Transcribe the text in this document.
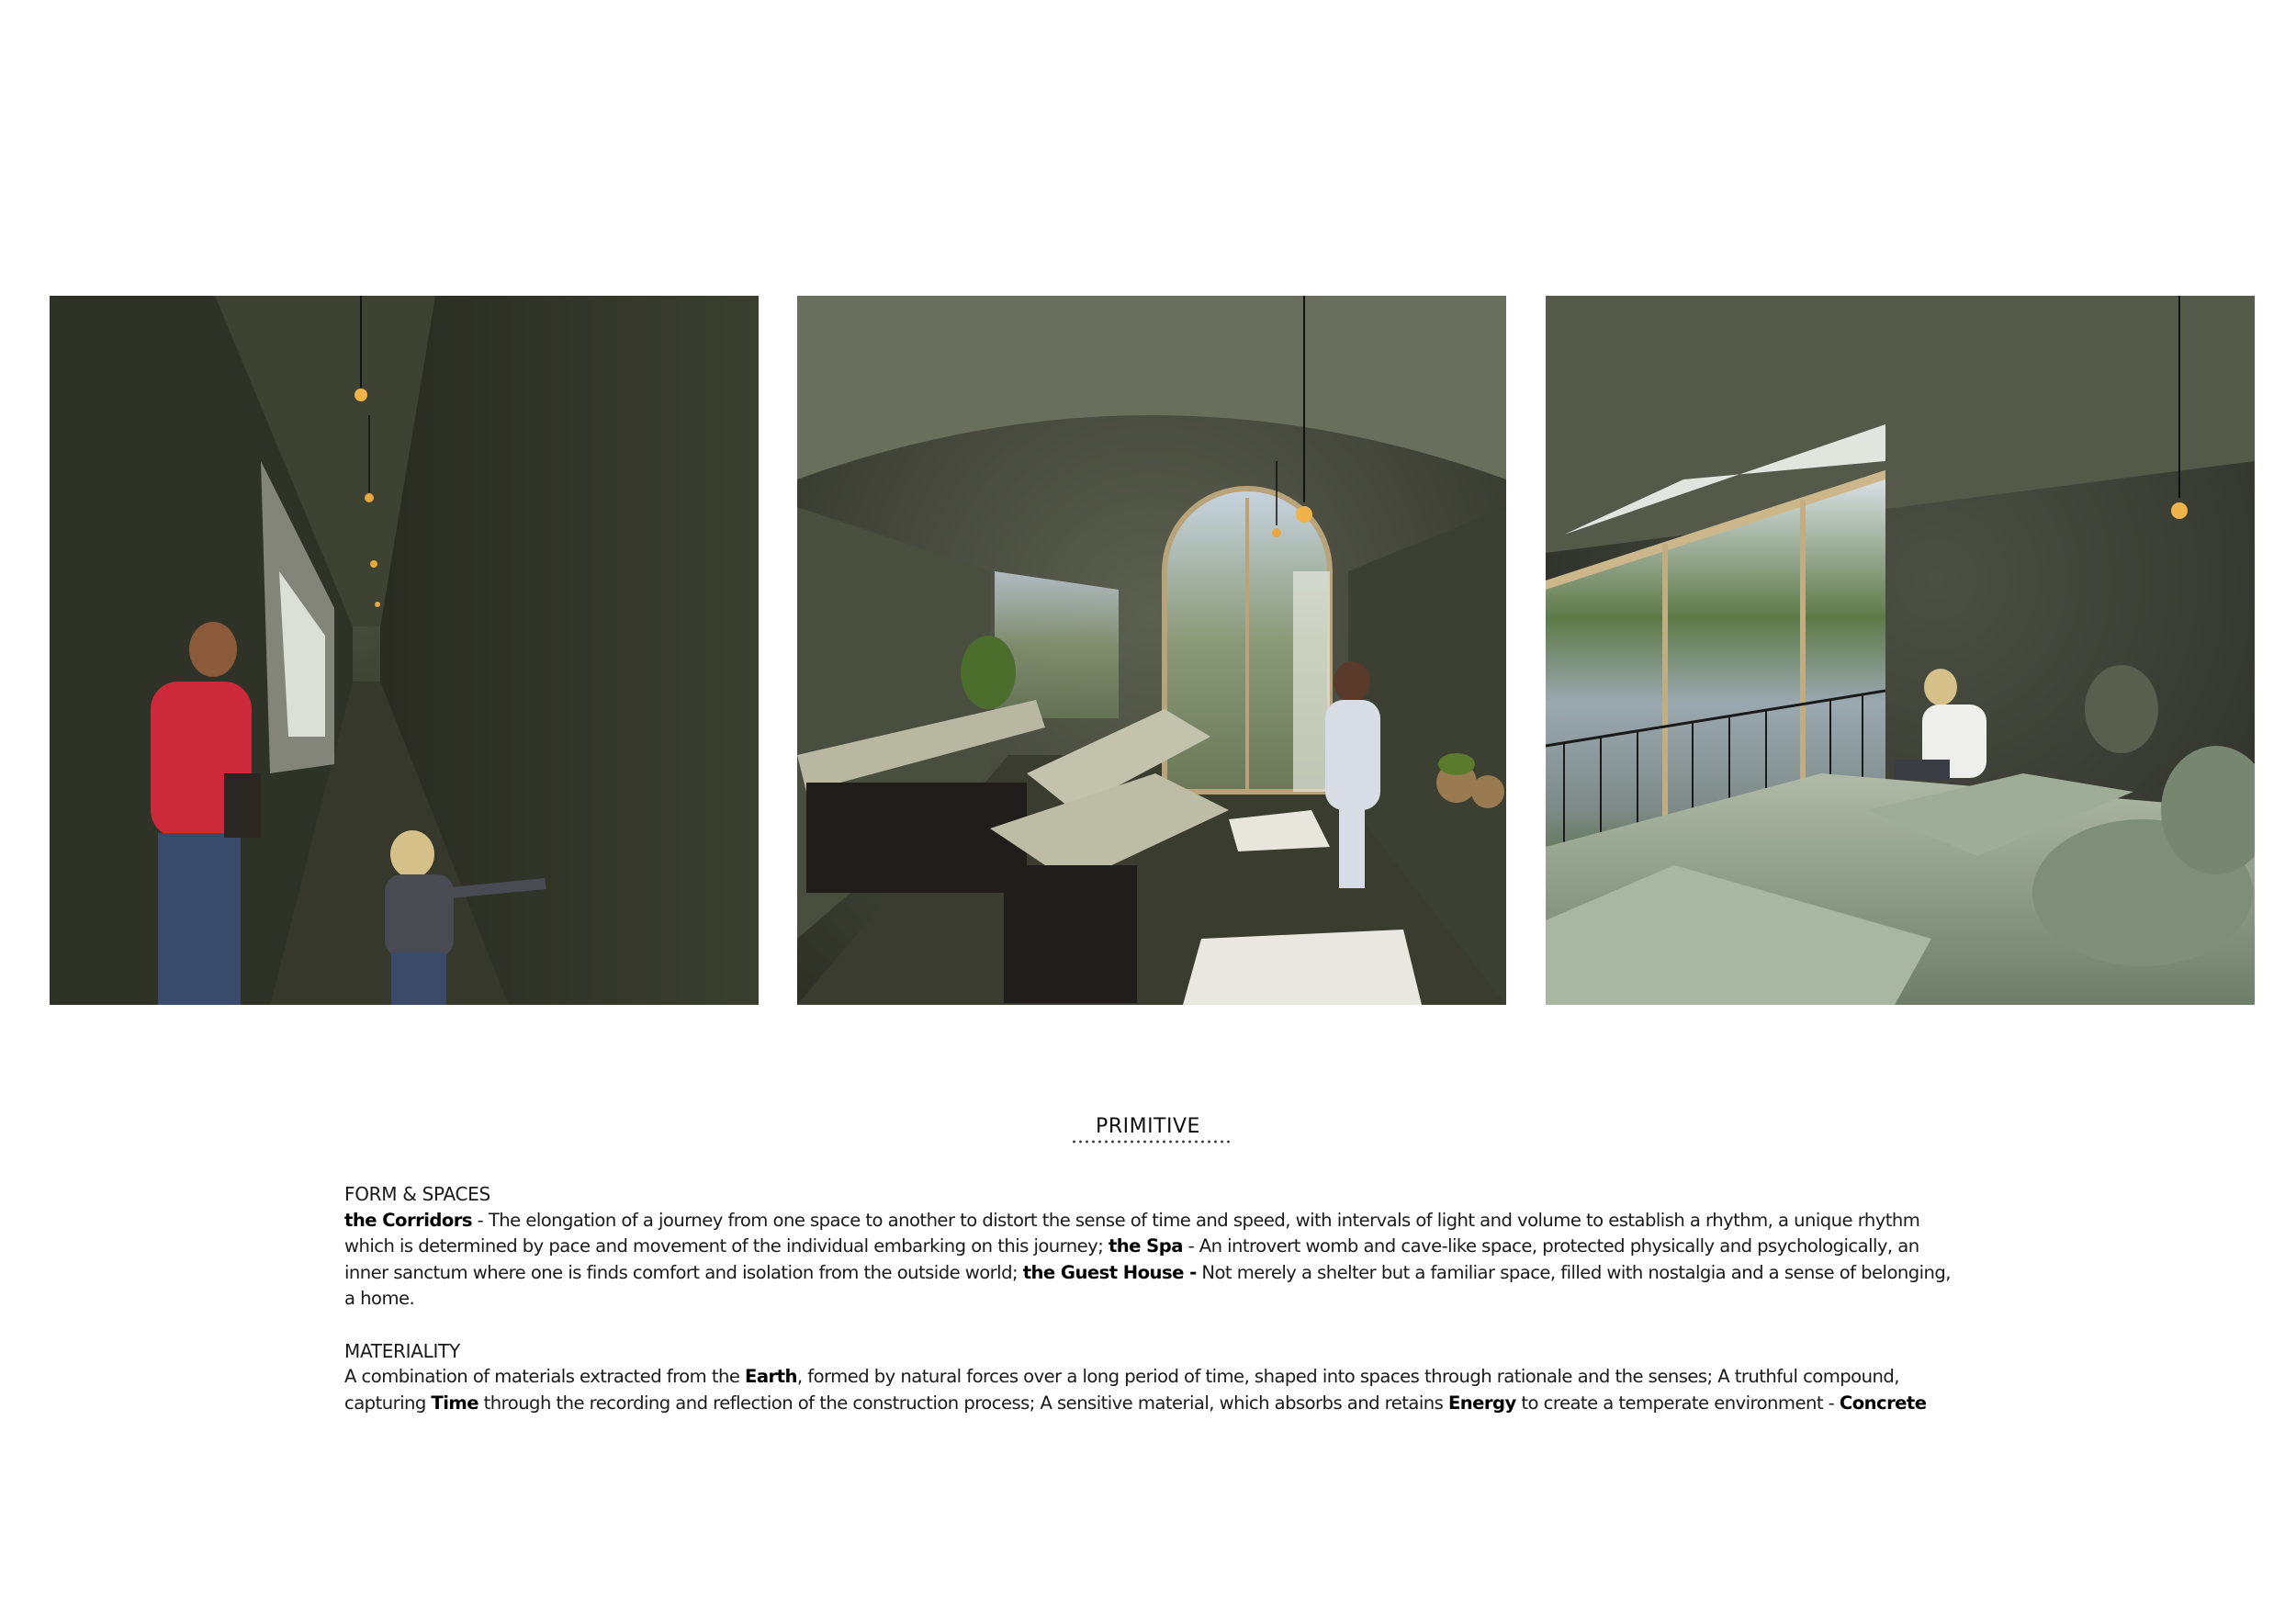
PRIMITIVE

FORM & SPACES

the Corridors - The elongation of a journey from one space to another to distort the sense of time and speed, with intervals of light and volume to establish a rhythm, a unique rhythm which is determined by pace and movement of the individual embarking on this journey; the Spa - An introvert womb and cave-like space, protected physically and psychologically, an inner sanctum where one is finds comfort and isolation from the outside world; the Guest House - Not merely a shelter but a familiar space, filled with nostalgia and a sense of belonging, a home.

MATERIALITY

A combination of materials extracted from the Earth, formed by natural forces over a long period of time, shaped into spaces through rationale and the senses; A truthful compound, capturing Time through the recording and reflection of the construction process; A sensitive material, which absorbs and retains Energy to create a temperate environment - Concrete
